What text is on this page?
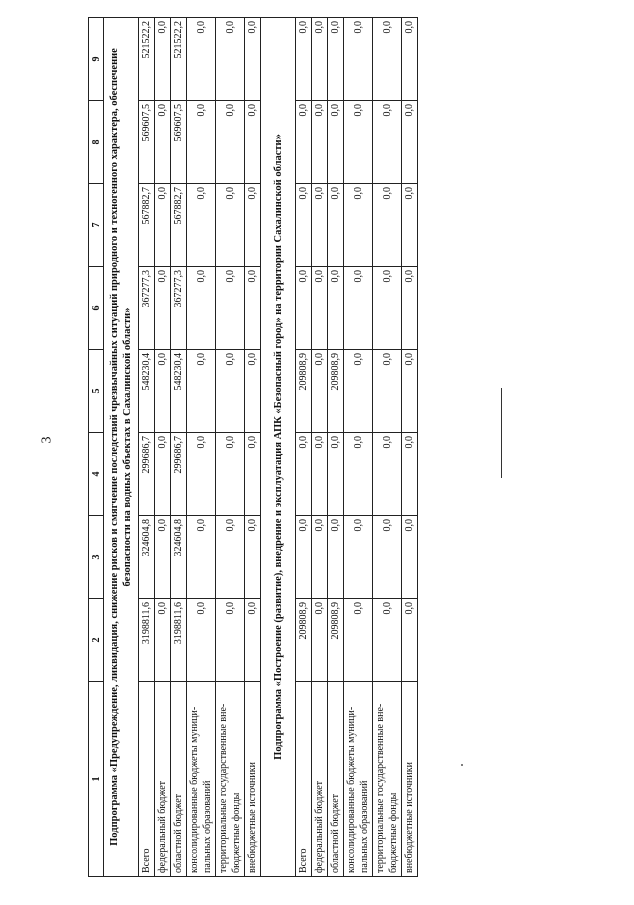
3
1	2	3	4	5	6	7	8	9
Подпрограмма «Предупреждение, ликвидация, снижение рисков и смягчение последствий чрезвычайных ситуаций природного и техногенного характера, обеспечение безопасности на водных объектах в Сахалинской области»								
Всего	3198811,6	324604,8	299686,7	548230,4	367277,3	567882,7	569607,5	521522,2
федеральный бюджет	0,0	0,0	0,0	0,0	0,0	0,0	0,0	0,0
областной бюджет	3198811,6	324604,8	299686,7	548230,4	367277,3	567882,7	569607,5	521522,2
консолидированные бюджеты муници-пальных образований	0,0	0,0	0,0	0,0	0,0	0,0	0,0	0,0
территориальные государственные вне-бюджетные фонды	0,0	0,0	0,0	0,0	0,0	0,0	0,0	0,0
внебюджетные источники	0,0	0,0	0,0	0,0	0,0	0,0	0,0	0,0
Подпрограмма «Построение (развитие), внедрение и эксплуатация АПК «Безопасный город» на территории Сахалинской области»								
Всего	209808,9	0,0	0,0	209808,9	0,0	0,0	0,0	0,0
федеральный бюджет	0,0	0,0	0,0	0,0	0,0	0,0	0,0	0,0
областной бюджет	209808,9	0,0	0,0	209808,9	0,0	0,0	0,0	0,0
консолидированные бюджеты муници-пальных образований	0,0	0,0	0,0	0,0	0,0	0,0	0,0	0,0
территориальные государственные вне-бюджетные фонды	0,0	0,0	0,0	0,0	0,0	0,0	0,0	0,0
внебюджетные источники	0,0	0,0	0,0	0,0	0,0	0,0	0,0	0,0
